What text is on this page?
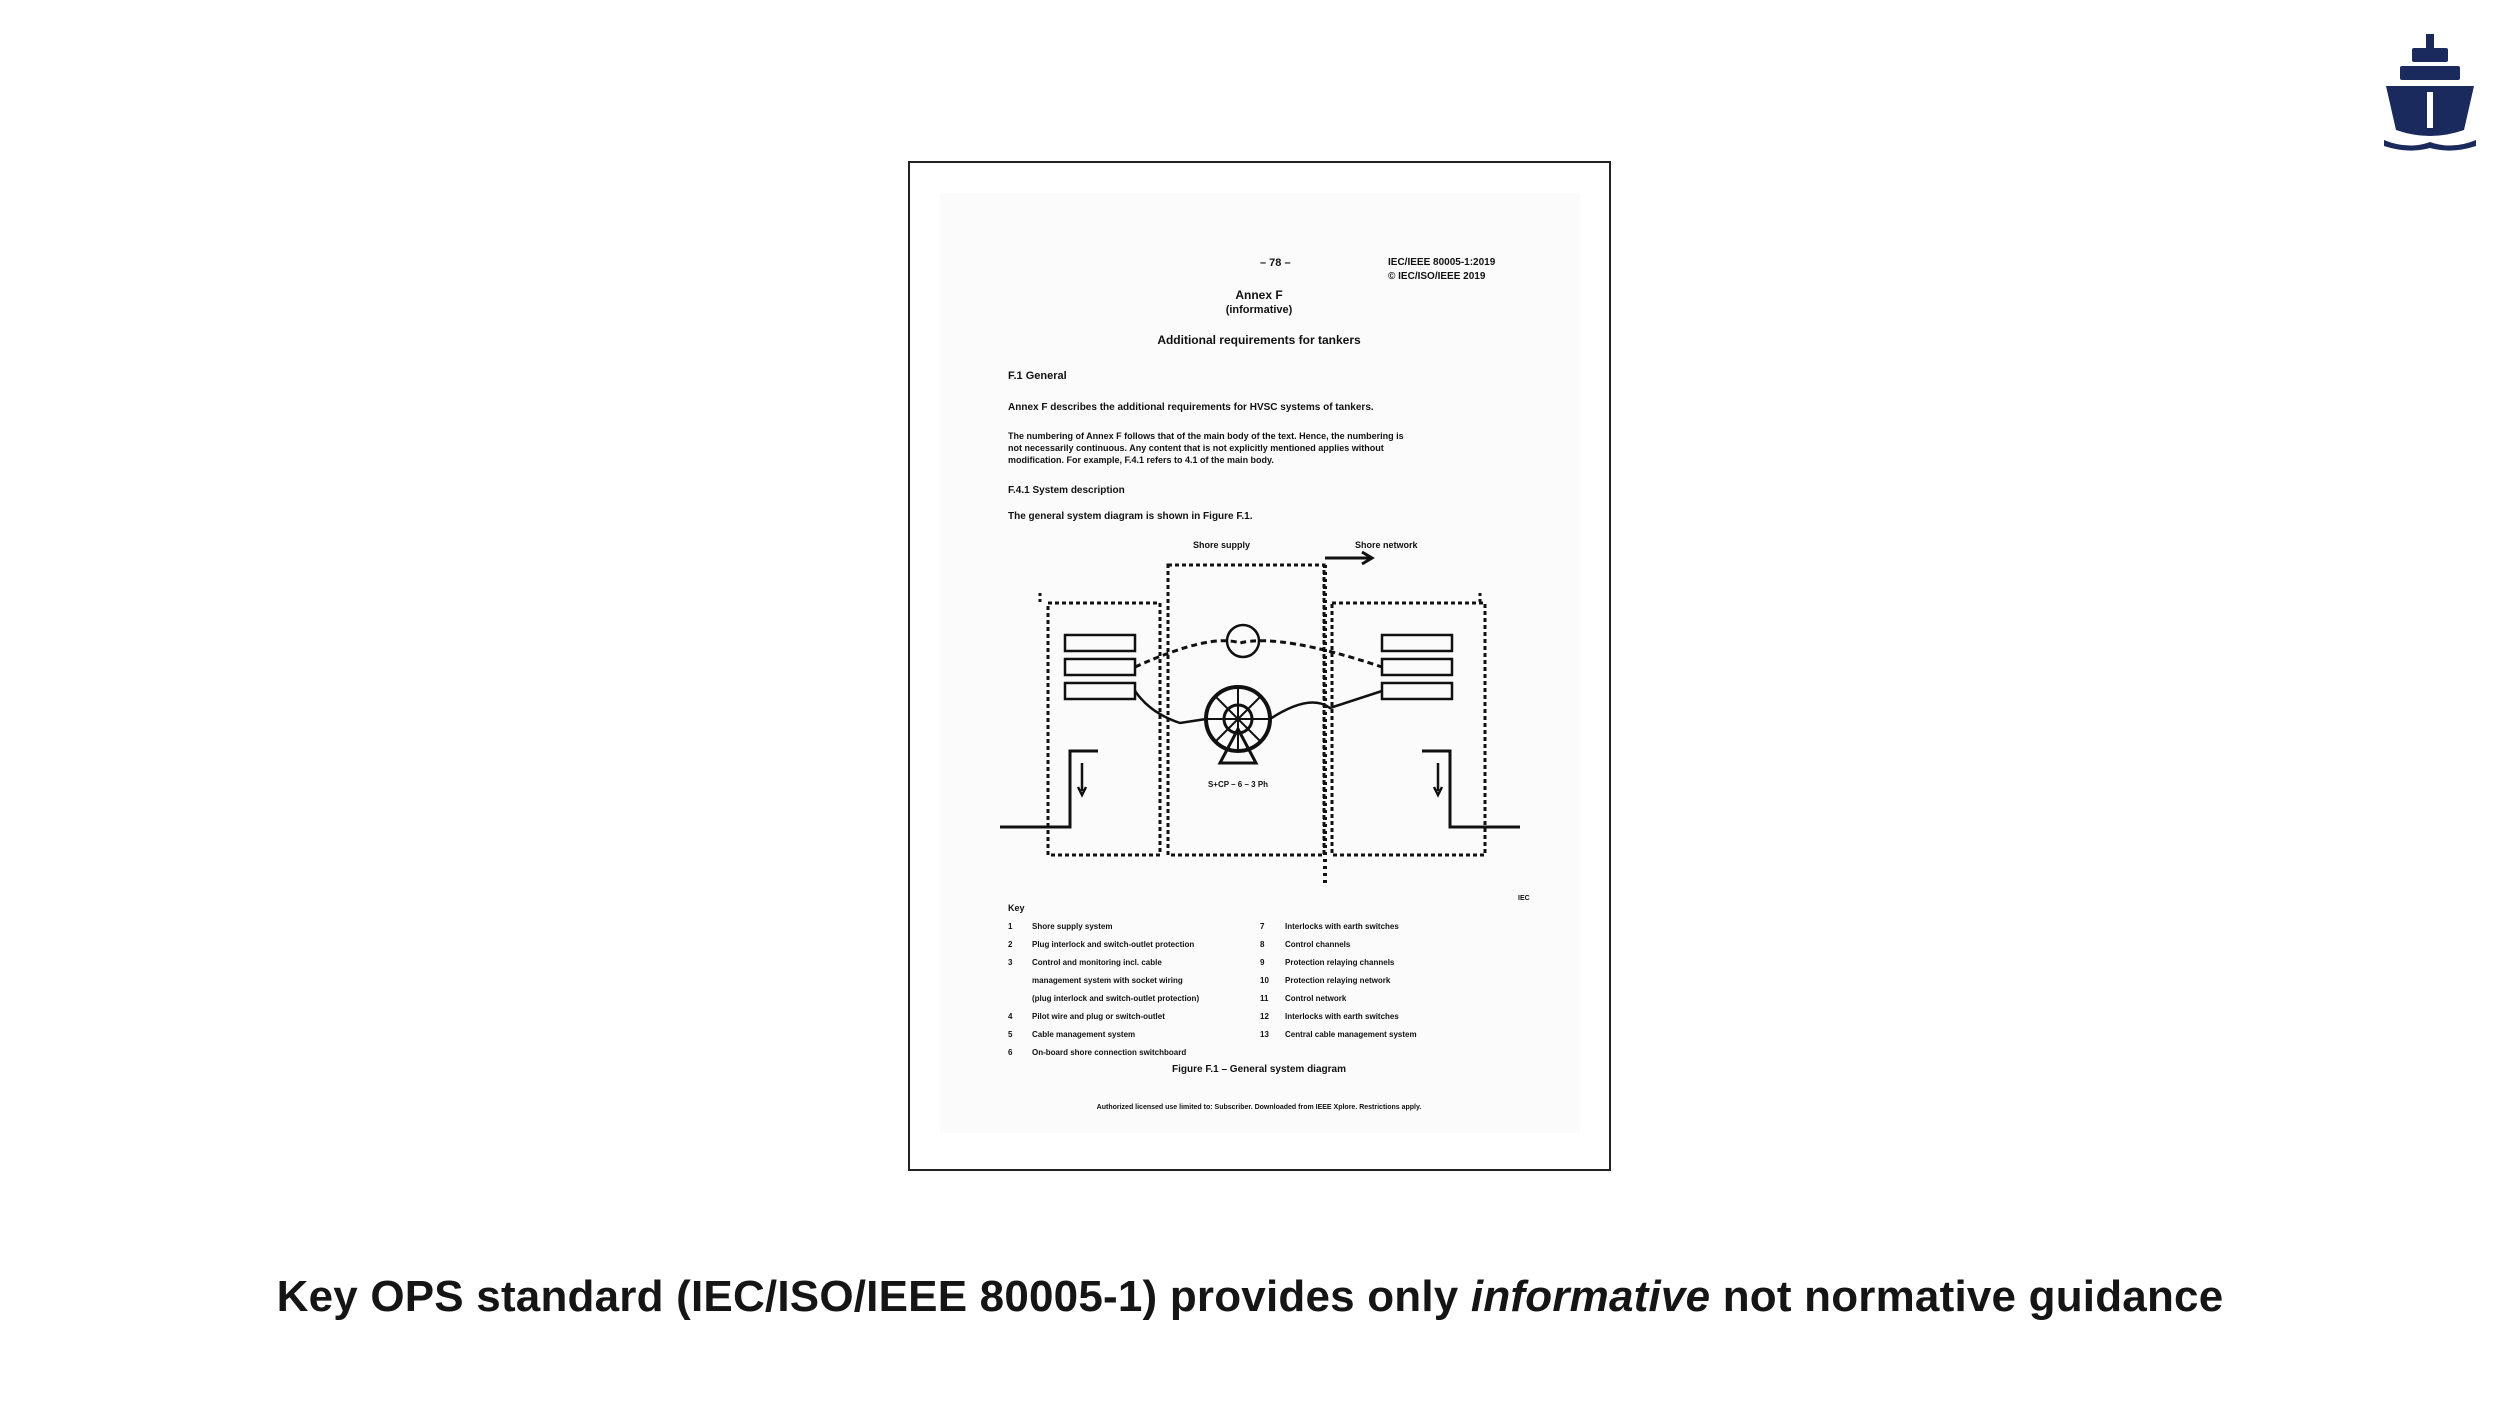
– 78 –	IEC/IEEE 80005-1:2019
© IEC/ISO/IEEE 2019
Annex F
(informative)
Additional requirements for tankers
F.1 General
Annex F describes the additional requirements for HVSC systems of tankers.
The numbering of Annex F follows that of the main body of the text. Hence, the numbering is
not necessarily continuous. Any content that is not explicitly mentioned applies without
modification. For example, F.4.1 refers to 4.1 of the main body.
F.4.1 System description
The general system diagram is shown in Figure F.1.
Shore supply	Shore network
S+CP – 6 – 3 Ph
IEC
Key
1 Shore supply system
2 Plug interlock and switch-outlet protection
3 Control and monitoring incl. cable
management system with socket wiring
(plug interlock and switch-outlet protection)
4 Pilot wire and plug or switch-outlet
5 Cable management system
6 On-board shore connection switchboard
7	Interlocks with earth switches
8	Control channels
9	Protection relaying channels
10 Protection relaying network
11 Control network
12 Interlocks with earth switches
13 Central cable management system
Figure F.1 – General system diagram
Authorized licensed use limited to: Subscriber. Downloaded from IEEE Xplore. Restrictions apply.
Key OPS standard (IEC/ISO/IEEE 80005-1) provides only informative not normative guidance
